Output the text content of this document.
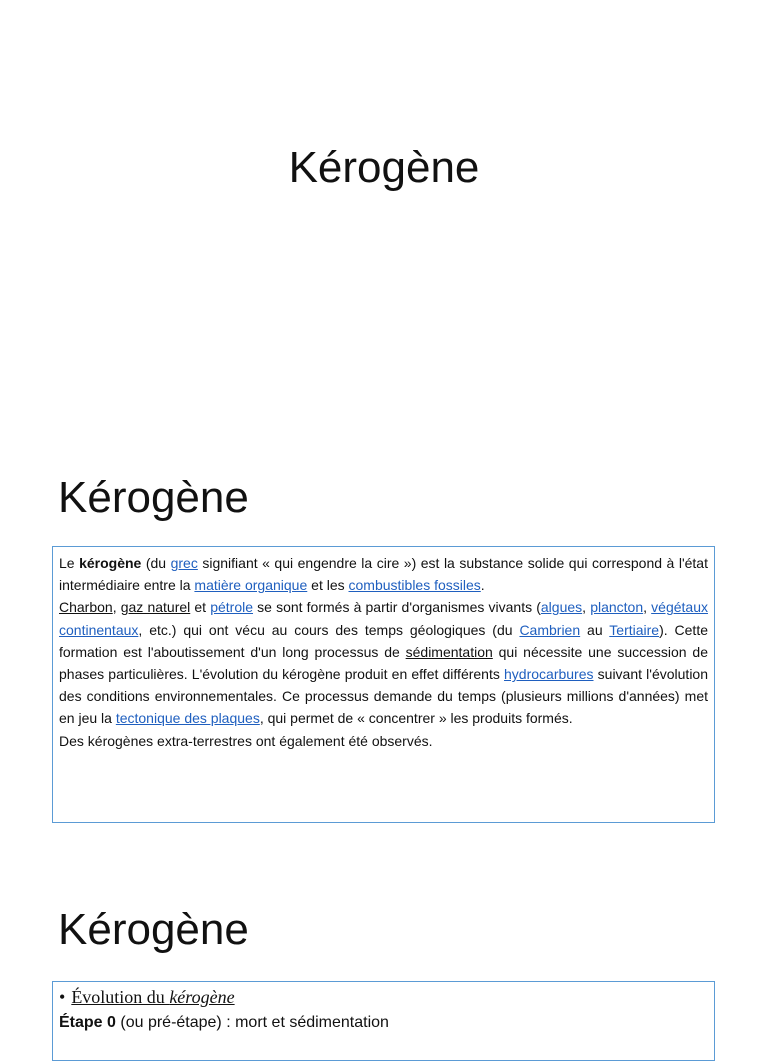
Kérogène
Kérogène

Le kérogène (du grec signifiant « qui engendre la cire ») est la substance solide qui correspond à l'état intermédiaire entre la matière organique et les combustibles fossiles.

Charbon, gaz naturel et pétrole se sont formés à partir d'organismes vivants (algues, plancton, végétaux continentaux, etc.) qui ont vécu au cours des temps géologiques (du Cambrien au Tertiaire). Cette formation est l'aboutissement d'un long processus de sédimentation qui nécessite une succession de phases particulières. L'évolution du kérogène produit en effet différents hydrocarbures suivant l'évolution des conditions environnementales. Ce processus demande du temps (plusieurs millions d'années) met en jeu la tectonique des plaques, qui permet de « concentrer » les produits formés.

Des kérogènes extra-terrestres ont également été observés.

Kérogène
• Évolution du kérogène
Étape 0 (ou pré-étape) : mort et sédimentation
